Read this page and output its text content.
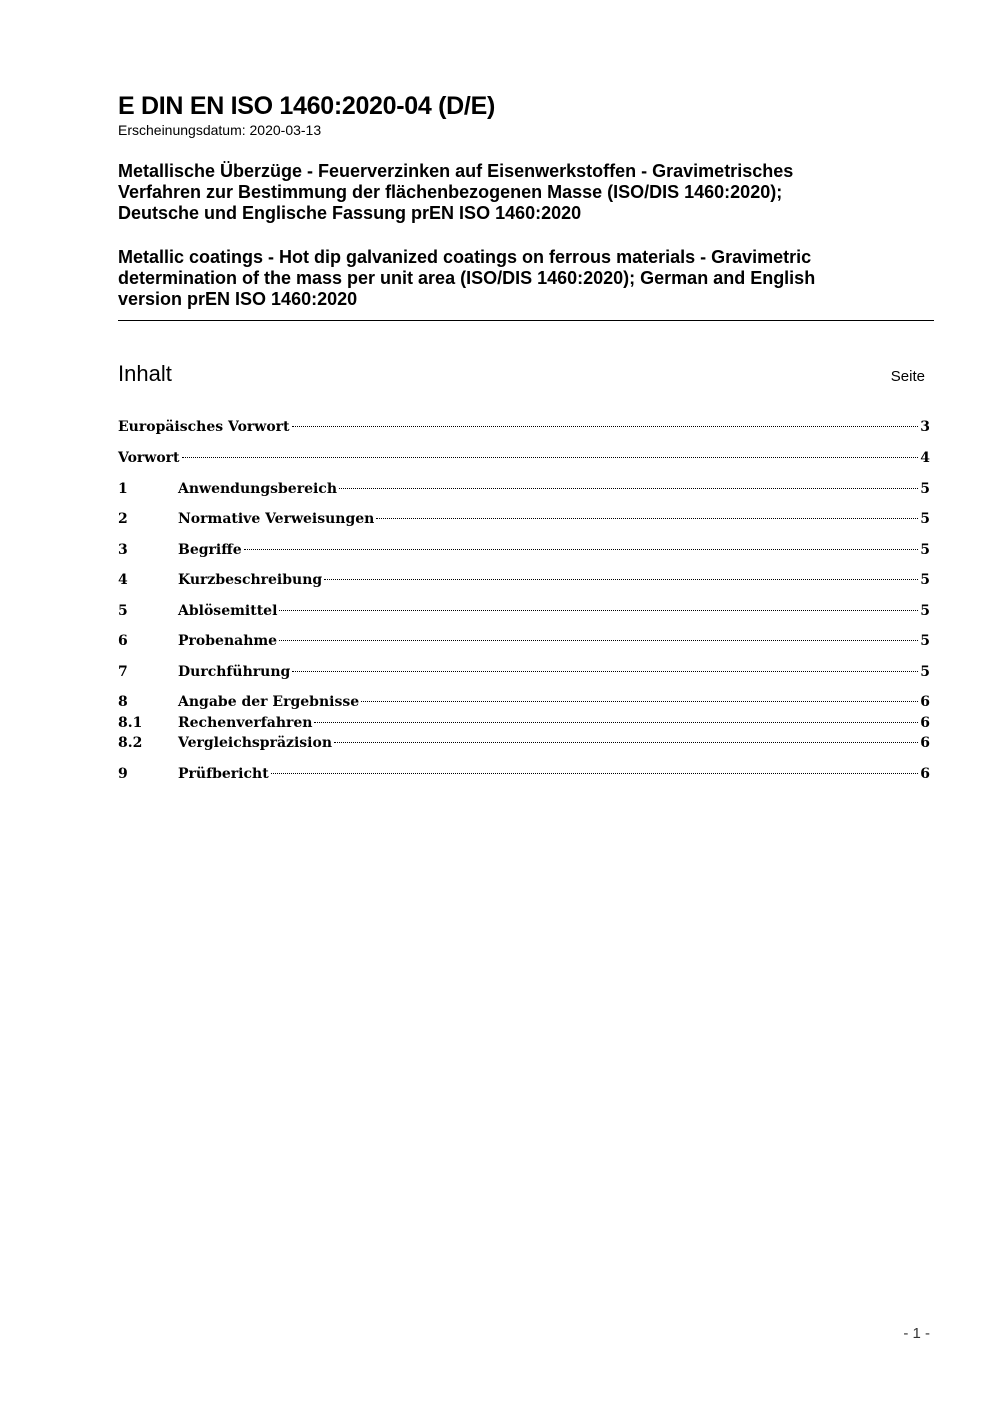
E DIN EN ISO 1460:2020-04 (D/E)
Erscheinungsdatum: 2020-03-13
Metallische Überzüge - Feuerverzinken auf Eisenwerkstoffen - Gravimetrisches
Verfahren zur Bestimmung der flächenbezogenen Masse (ISO/DIS 1460:2020);
Deutsche und Englische Fassung prEN ISO 1460:2020
Metallic coatings - Hot dip galvanized coatings on ferrous materials - Gravimetric
determination of the mass per unit area (ISO/DIS 1460:2020); German and English
version prEN ISO 1460:2020
Inhalt	Seite
Europäisches Vorwort	3
Vorwort	4
1	Anwendungsbereich	5
2	Normative Verweisungen	5
3	Begriffe	5
4	Kurzbeschreibung	5
5	Ablösemittel	5
6	Probenahme	5
7	Durchführung	5
8	Angabe der Ergebnisse	6
8.1	Rechenverfahren	6
8.2	Vergleichspräzision	6
9	Prüfbericht	6
- 1 -
